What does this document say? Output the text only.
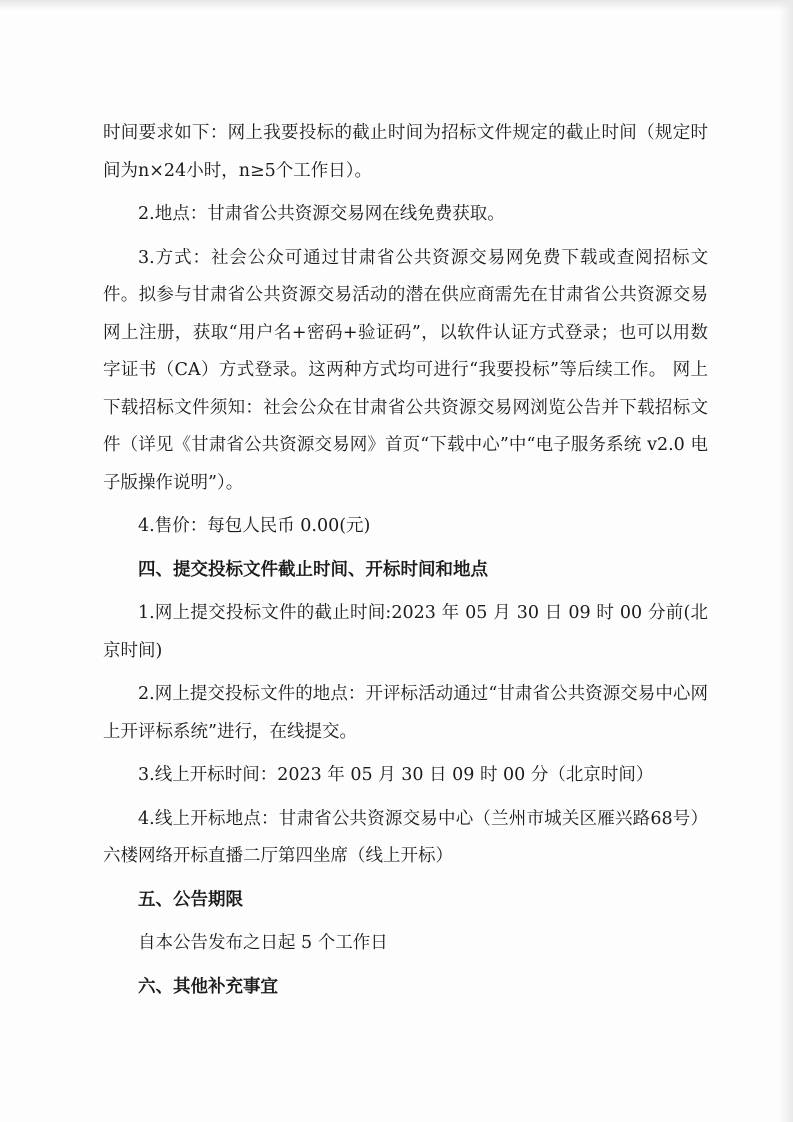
时间要求如下：网上我要投标的截止时间为招标文件规定的截止时间（规定时间为n×24小时，n≥5个工作日）。

2.地点：甘肃省公共资源交易网在线免费获取。

3.方式：社会公众可通过甘肃省公共资源交易网免费下载或查阅招标文件。拟参与甘肃省公共资源交易活动的潜在供应商需先在甘肃省公共资源交易网上注册，获取“用户名+密码+验证码”，以软件认证方式登录；也可以用数字证书（CA）方式登录。这两种方式均可进行“我要投标”等后续工作。 网上下载招标文件须知：社会公众在甘肃省公共资源交易网浏览公告并下载招标文件（详见《甘肃省公共资源交易网》首页“下载中心”中“电子服务系统 v2.0 电子版操作说明”）。

4.售价：每包人民币 0.00(元)

四、提交投标文件截止时间、开标时间和地点

1.网上提交投标文件的截止时间:2023 年 05 月 30 日 09 时 00 分前(北京时间)

2.网上提交投标文件的地点：开评标活动通过“甘肃省公共资源交易中心网上开评标系统”进行，在线提交。

3.线上开标时间：2023 年 05 月 30 日 09 时 00 分（北京时间）

4.线上开标地点：甘肃省公共资源交易中心（兰州市城关区雁兴路68号）六楼网络开标直播二厅第四坐席（线上开标）

五、公告期限

自本公告发布之日起 5 个工作日

六、其他补充事宜
